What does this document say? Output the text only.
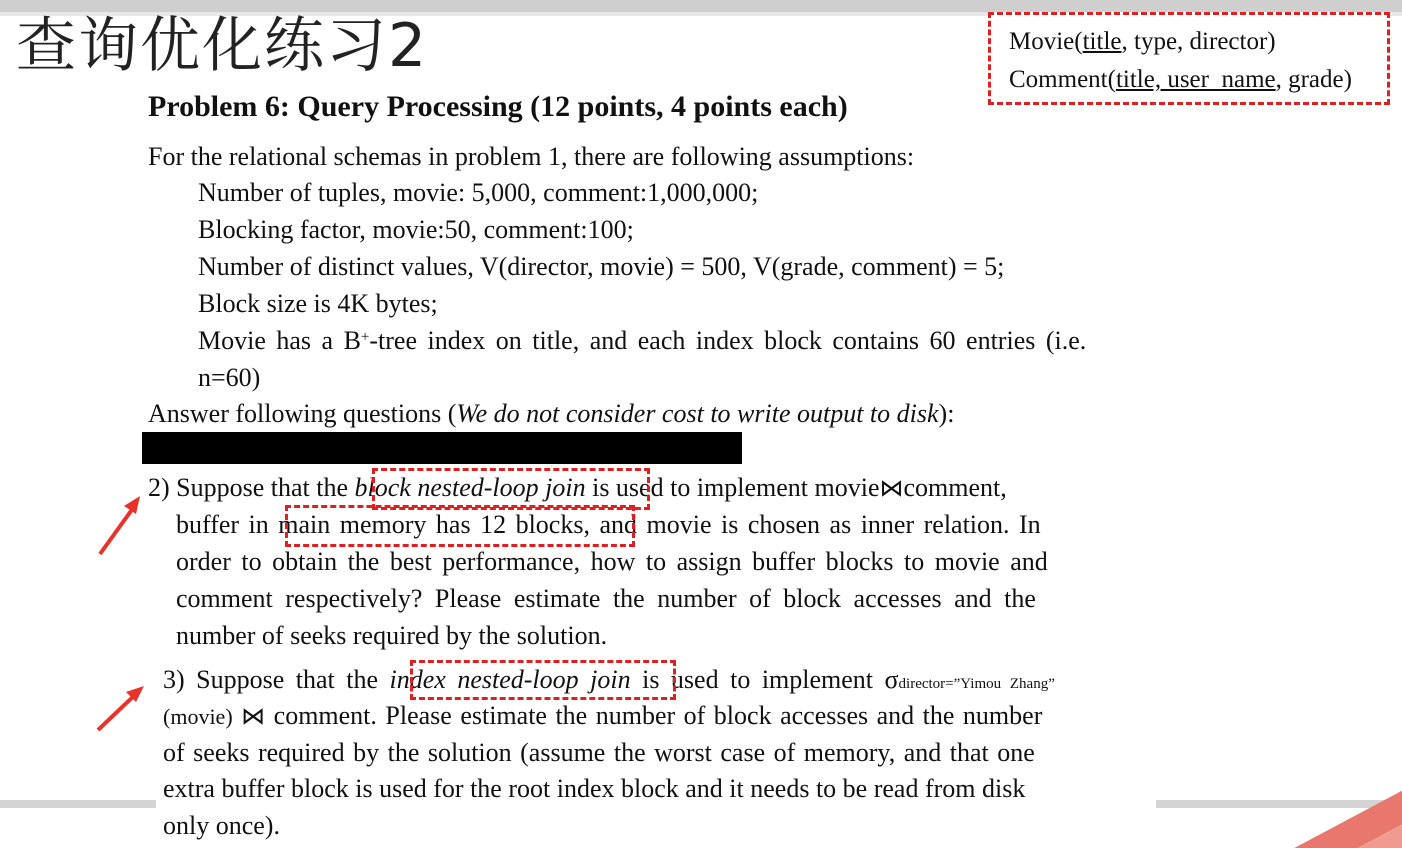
查询优化练习2	Movie(title, type, director)
Comment(title, user_name, grade)
Problem 6: Query Processing (12 points, 4 points each)
For the relational schemas in problem 1, there are following assumptions:
Number of tuples, movie: 5,000, comment:1,000,000;
Blocking factor, movie:50, comment:100;
Number of distinct values, V(director, movie) = 500, V(grade, comment) = 5;
Block size is 4K bytes;
Movie has a B+-tree index on title, and each index block contains 60 entries (i.e.
n=60)
Answer following questions (We do not consider cost to write output to disk):
2) Suppose that the block nested-loop join is used to implement movie⋈comment,
buffer in main memory has 12 blocks, and movie is chosen as inner relation. In
order to obtain the best performance, how to assign buffer blocks to movie and
comment respectively? Please estimate the number of block accesses and the
number of seeks required by the solution.
3) Suppose that the index nested-loop join is used to implement σdirector=”Yimou Zhang”
(movie) ⋈ comment. Please estimate the number of block accesses and the number
of seeks required by the solution (assume the worst case of memory, and that one
extra buffer block is used for the root index block and it needs to be read from disk
only once).
